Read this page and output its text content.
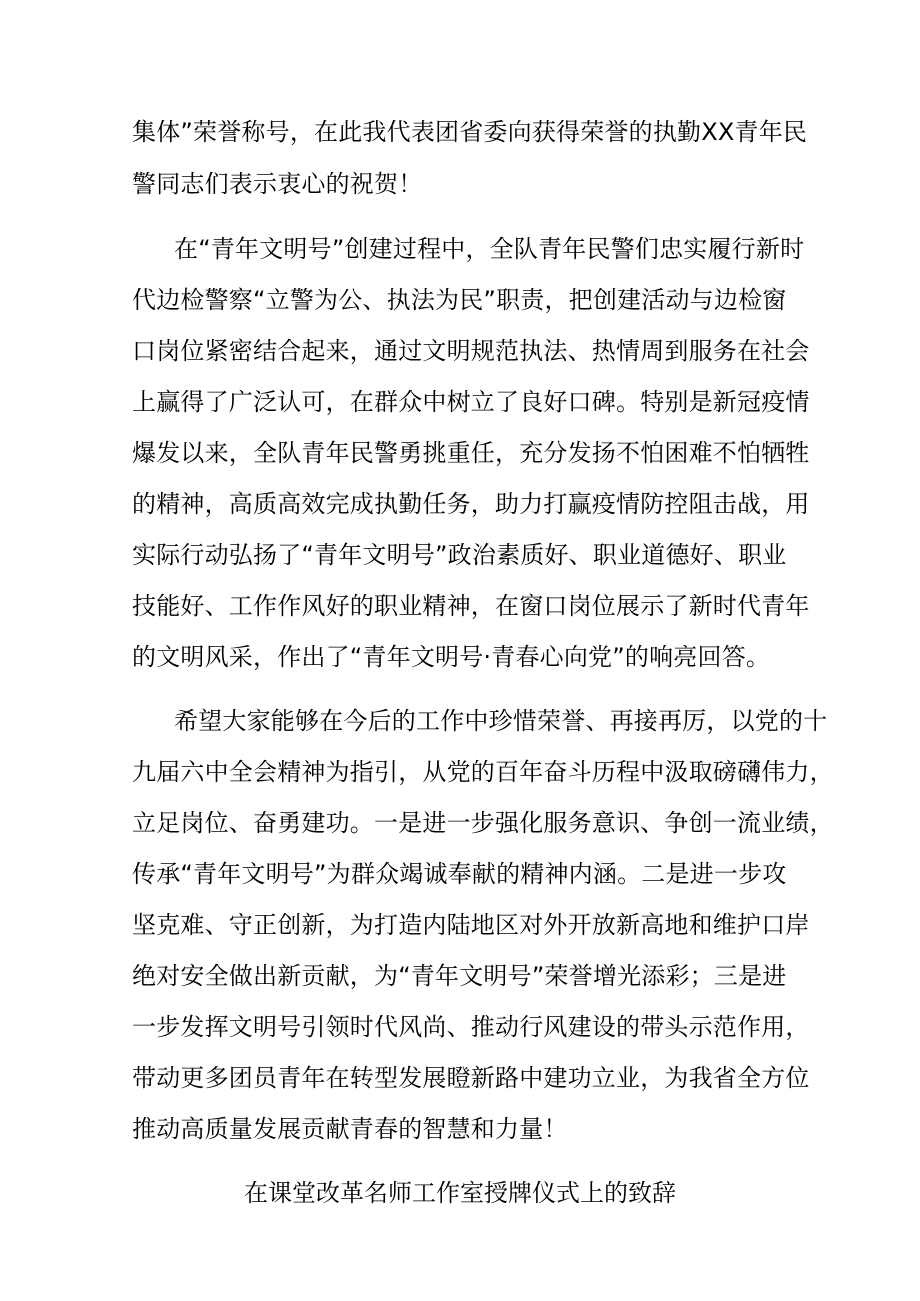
集体”荣誉称号，在此我代表团省委向获得荣誉的执勤XX青年民
警同志们表示衷心的祝贺！
在“青年文明号”创建过程中，全队青年民警们忠实履行新时
代边检警察“立警为公、执法为民”职责，把创建活动与边检窗
口岗位紧密结合起来，通过文明规范执法、热情周到服务在社会
上赢得了广泛认可，在群众中树立了良好口碑。特别是新冠疫情
爆发以来，全队青年民警勇挑重任，充分发扬不怕困难不怕牺牲
的精神，高质高效完成执勤任务，助力打赢疫情防控阻击战，用
实际行动弘扬了“青年文明号”政治素质好、职业道德好、职业
技能好、工作作风好的职业精神，在窗口岗位展示了新时代青年
的文明风采，作出了“青年文明号·青春心向党”的响亮回答。
希望大家能够在今后的工作中珍惜荣誉、再接再厉，以党的十
九届六中全会精神为指引，从党的百年奋斗历程中汲取磅礴伟力，
立足岗位、奋勇建功。一是进一步强化服务意识、争创一流业绩，
传承“青年文明号”为群众竭诚奉献的精神内涵。二是进一步攻
坚克难、守正创新，为打造内陆地区对外开放新高地和维护口岸
绝对安全做出新贡献，为“青年文明号”荣誉增光添彩；三是进
一步发挥文明号引领时代风尚、推动行风建设的带头示范作用，
带动更多团员青年在转型发展瞪新路中建功立业，为我省全方位
推动高质量发展贡献青春的智慧和力量！
在课堂改革名师工作室授牌仪式上的致辞
